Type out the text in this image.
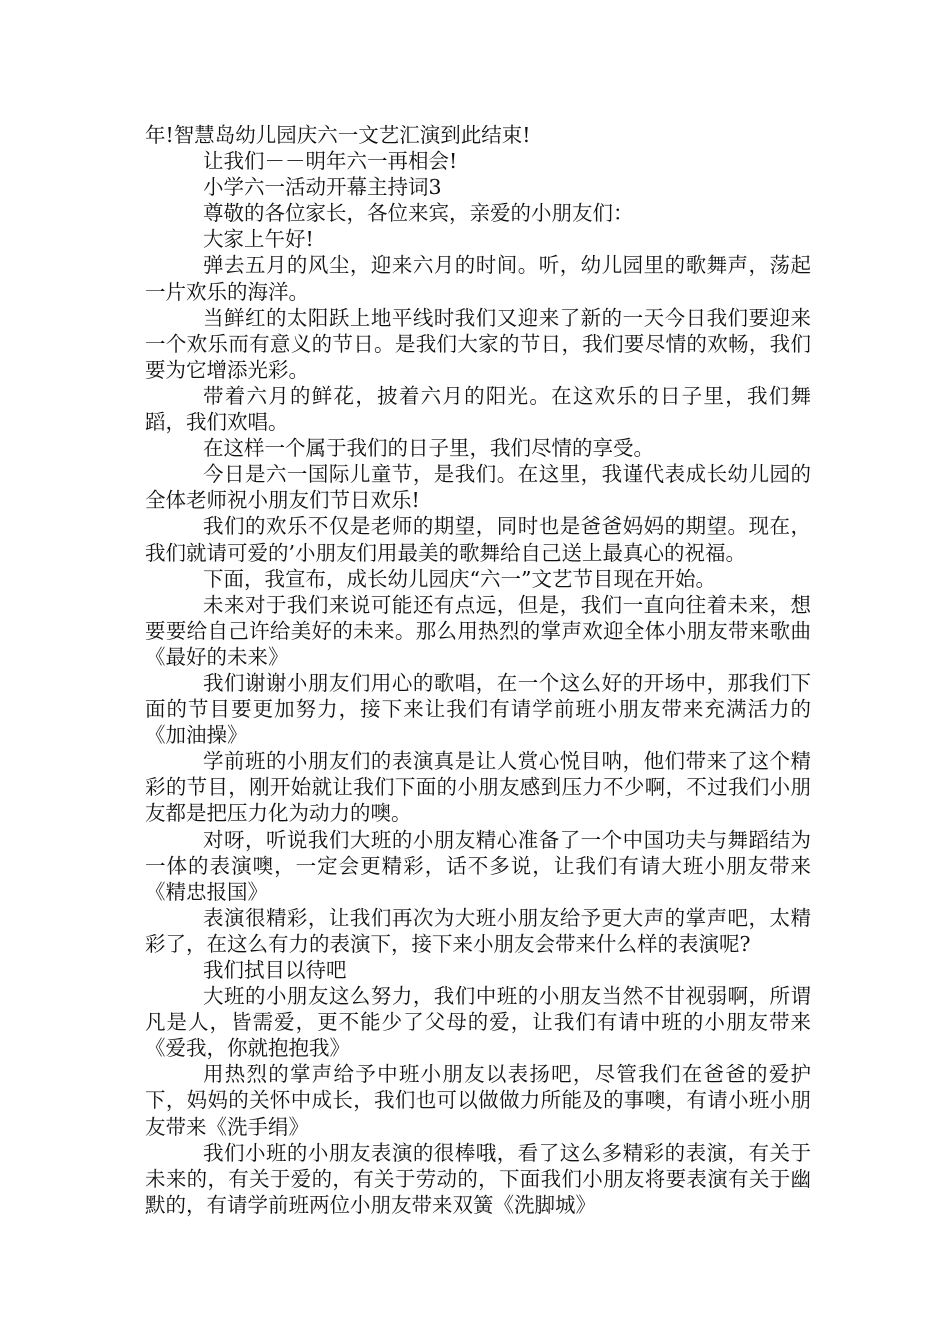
年!智慧岛幼儿园庆六一文艺汇演到此结束!

让我们－－明年六一再相会!

小学六一活动开幕主持词3

尊敬的各位家长，各位来宾，亲爱的小朋友们：

大家上午好!

弹去五月的风尘，迎来六月的时间。听，幼儿园里的歌舞声，荡起一片欢乐的海洋。

当鲜红的太阳跃上地平线时我们又迎来了新的一天今日我们要迎来一个欢乐而有意义的节日。是我们大家的节日，我们要尽情的欢畅，我们要为它增添光彩。

带着六月的鲜花，披着六月的阳光。在这欢乐的日子里，我们舞蹈，我们欢唱。

在这样一个属于我们的日子里，我们尽情的享受。

今日是六一国际儿童节，是我们。在这里，我谨代表成长幼儿园的全体老师祝小朋友们节日欢乐!

我们的欢乐不仅是老师的期望，同时也是爸爸妈妈的期望。现在，我们就请可爱的’小朋友们用最美的歌舞给自己送上最真心的祝福。

下面，我宣布，成长幼儿园庆“六一”文艺节目现在开始。

未来对于我们来说可能还有点远，但是，我们一直向往着未来，想要要给自己许给美好的未来。那么用热烈的掌声欢迎全体小朋友带来歌曲《最好的未来》

我们谢谢小朋友们用心的歌唱，在一个这么好的开场中，那我们下面的节目要更加努力，接下来让我们有请学前班小朋友带来充满活力的《加油操》

学前班的小朋友们的表演真是让人赏心悦目呐，他们带来了这个精彩的节目，刚开始就让我们下面的小朋友感到压力不少啊，不过我们小朋友都是把压力化为动力的噢。

对呀，听说我们大班的小朋友精心准备了一个中国功夫与舞蹈结为一体的表演噢，一定会更精彩，话不多说，让我们有请大班小朋友带来《精忠报国》

表演很精彩，让我们再次为大班小朋友给予更大声的掌声吧，太精彩了，在这么有力的表演下，接下来小朋友会带来什么样的表演呢?

我们拭目以待吧

大班的小朋友这么努力，我们中班的小朋友当然不甘视弱啊，所谓凡是人，皆需爱，更不能少了父母的爱，让我们有请中班的小朋友带来《爱我，你就抱抱我》

用热烈的掌声给予中班小朋友以表扬吧，尽管我们在爸爸的爱护下，妈妈的关怀中成长，我们也可以做做力所能及的事噢，有请小班小朋友带来《洗手绢》

我们小班的小朋友表演的很棒哦，看了这么多精彩的表演，有关于未来的，有关于爱的，有关于劳动的，下面我们小朋友将要表演有关于幽默的，有请学前班两位小朋友带来双簧《洗脚城》
